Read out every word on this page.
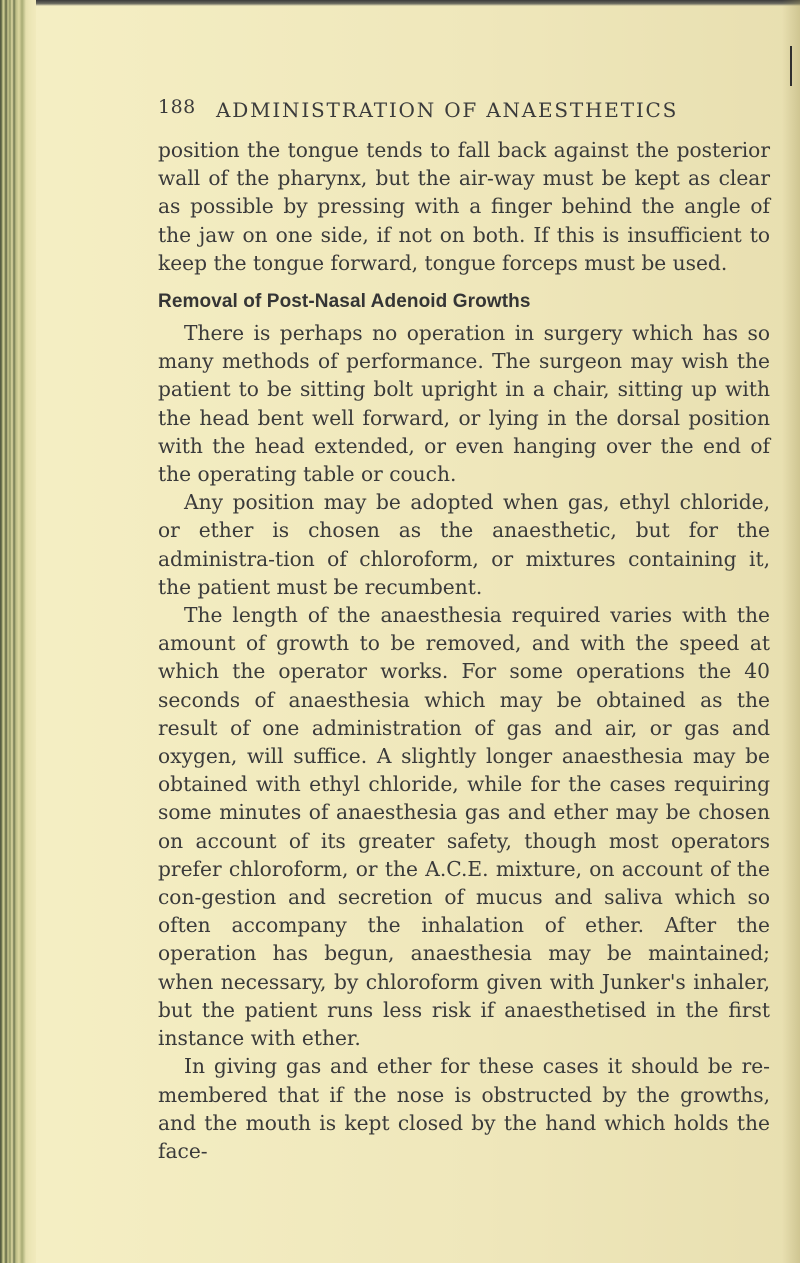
188 ADMINISTRATION OF ANAESTHETICS

position the tongue tends to fall back against the posterior wall of the pharynx, but the air-way must be kept as clear as possible by pressing with a finger behind the angle of the jaw on one side, if not on both. If this is insufficient to keep the tongue forward, tongue forceps must be used.

Removal of Post-Nasal Adenoid Growths

There is perhaps no operation in surgery which has so many methods of performance. The surgeon may wish the patient to be sitting bolt upright in a chair, sitting up with the head bent well forward, or lying in the dorsal position with the head extended, or even hanging over the end of the operating table or couch.

Any position may be adopted when gas, ethyl chloride, or ether is chosen as the anaesthetic, but for the administra-tion of chloroform, or mixtures containing it, the patient must be recumbent.

The length of the anaesthesia required varies with the amount of growth to be removed, and with the speed at which the operator works. For some operations the 40 seconds of anaesthesia which may be obtained as the result of one administration of gas and air, or gas and oxygen, will suffice. A slightly longer anaesthesia may be obtained with ethyl chloride, while for the cases requiring some minutes of anaesthesia gas and ether may be chosen on account of its greater safety, though most operators prefer chloroform, or the A.C.E. mixture, on account of the con-gestion and secretion of mucus and saliva which so often accompany the inhalation of ether. After the operation has begun, anaesthesia may be maintained; when necessary, by chloroform given with Junker's inhaler, but the patient runs less risk if anaesthetised in the first instance with ether.

In giving gas and ether for these cases it should be re-membered that if the nose is obstructed by the growths, and the mouth is kept closed by the hand which holds the face-
